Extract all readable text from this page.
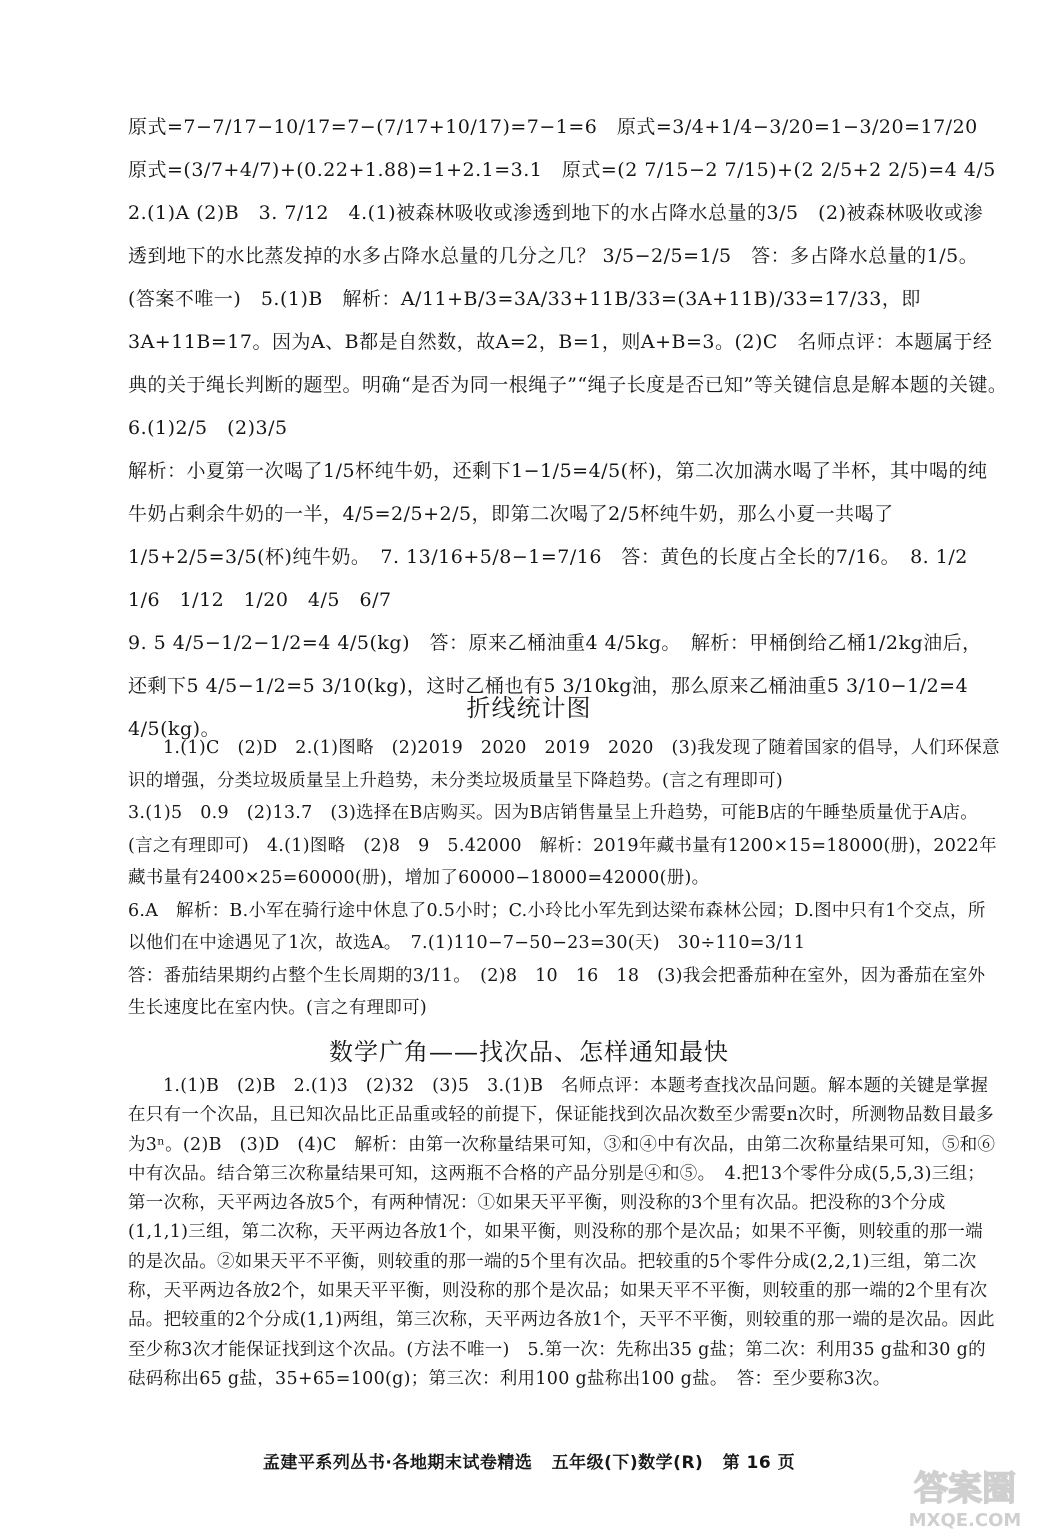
原式=7−7/17−10/17=7−(7/17+10/17)=7−1=6　原式=3/4+1/4−3/20=1−3/20=17/20　原式=(3/7+4/7)+(0.22+1.88)=1+2.1=3.1　原式=(2 7/15−2 7/15)+(2 2/5+2 2/5)=4 4/5　2.(1)A (2)B　3. 7/12　4.(1)被森林吸收或渗透到地下的水占降水总量的3/5　(2)被森林吸收或渗透到地下的水比蒸发掉的水多占降水总量的几分之几？ 3/5−2/5=1/5　答：多占降水总量的1/5。(答案不唯一)　5.(1)B　解析：A/11+B/3=3A/33+11B/33=(3A+11B)/33=17/33，即3A+11B=17。因为A、B都是自然数，故A=2，B=1，则A+B=3。(2)C　名师点评：本题属于经典的关于绳长判断的题型。明确“是否为同一根绳子”“绳子长度是否已知”等关键信息是解本题的关键。　6.(1)2/5　(2)3/5

解析：小夏第一次喝了1/5杯纯牛奶，还剩下1−1/5=4/5(杯)，第二次加满水喝了半杯，其中喝的纯牛奶占剩余牛奶的一半，4/5=2/5+2/5，即第二次喝了2/5杯纯牛奶，那么小夏一共喝了1/5+2/5=3/5(杯)纯牛奶。　7. 13/16+5/8−1=7/16　答：黄色的长度占全长的7/16。　8. 1/2　1/6　1/12　1/20　4/5　6/7

9. 5 4/5−1/2−1/2=4 4/5(kg)　答：原来乙桶油重4 4/5kg。　解析：甲桶倒给乙桶1/2kg油后，还剩下5 4/5−1/2=5 3/10(kg)，这时乙桶也有5 3/10kg油，那么原来乙桶油重5 3/10−1/2=4 4/5(kg)。

折线统计图

1.(1)C　(2)D　2.(1)图略　(2)2019　2020　2019　2020　(3)我发现了随着国家的倡导，人们环保意识的增强，分类垃圾质量呈上升趋势，未分类垃圾质量呈下降趋势。(言之有理即可)

3.(1)5　0.9　(2)13.7　(3)选择在B店购买。因为B店销售量呈上升趋势，可能B店的午睡垫质量优于A店。(言之有理即可)　4.(1)图略　(2)8　9　5.42000　解析：2019年藏书量有1200×15=18000(册)，2022年藏书量有2400×25=60000(册)，增加了60000−18000=42000(册)。

6.A　解析：B.小军在骑行途中休息了0.5小时；C.小玲比小军先到达梁布森林公园；D.图中只有1个交点，所以他们在中途遇见了1次，故选A。　7.(1)110−7−50−23=30(天)　30÷110=3/11

答：番茄结果期约占整个生长周期的3/11。　(2)8　10　16　18　(3)我会把番茄种在室外，因为番茄在室外生长速度比在室内快。(言之有理即可)

数学广角——找次品、怎样通知最快

1.(1)B　(2)B　2.(1)3　(2)32　(3)5　3.(1)B　名师点评：本题考查找次品问题。解本题的关键是掌握在只有一个次品，且已知次品比正品重或轻的前提下，保证能找到次品次数至少需要n次时，所测物品数目最多为3ⁿ。(2)B　(3)D　(4)C　解析：由第一次称量结果可知，③和④中有次品，由第二次称量结果可知，⑤和⑥中有次品。结合第三次称量结果可知，这两瓶不合格的产品分别是④和⑤。　4.把13个零件分成(5,5,3)三组；第一次称，天平两边各放5个，有两种情况：①如果天平平衡，则没称的3个里有次品。把没称的3个分成(1,1,1)三组，第二次称，天平两边各放1个，如果平衡，则没称的那个是次品；如果不平衡，则较重的那一端的是次品。②如果天平不平衡，则较重的那一端的5个里有次品。把较重的5个零件分成(2,2,1)三组，第二次称，天平两边各放2个，如果天平平衡，则没称的那个是次品；如果天平不平衡，则较重的那一端的2个里有次品。把较重的2个分成(1,1)两组，第三次称，天平两边各放1个，天平不平衡，则较重的那一端的是次品。因此至少称3次才能保证找到这个次品。(方法不唯一)　5.第一次：先称出35 g盐；第二次：利用35 g盐和30 g的砝码称出65 g盐，35+65=100(g)；第三次：利用100 g盐称出100 g盐。　答：至少要称3次。

孟建平系列丛书·各地期末试卷精选 五年级(下)数学(R) 第 16 页
答案圈
MXQE.COM
